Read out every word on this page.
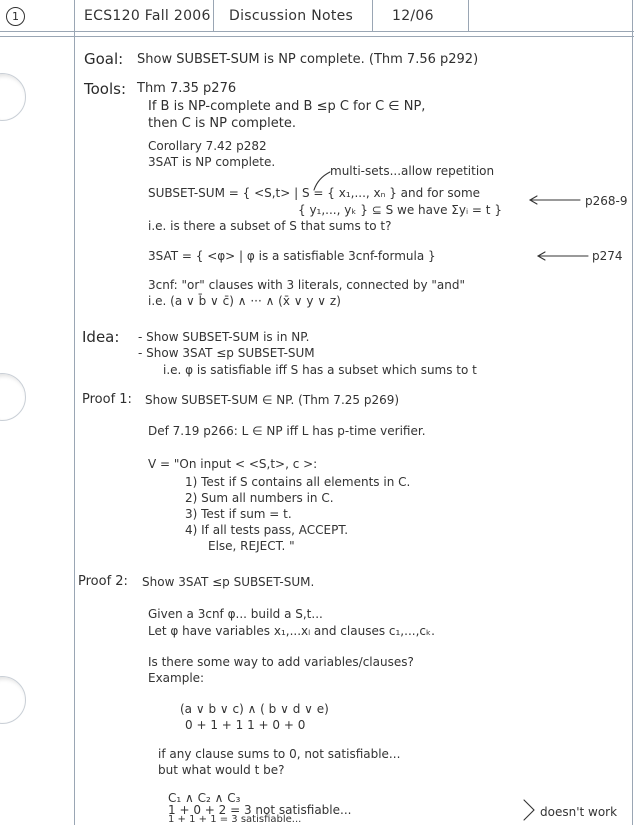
1	ECS120 Fall 2006 Discussion Notes	12/06
Goal: Show SUBSET-SUM is NP complete. (Thm 7.56 p292)
Tools: Thm 7.35 p276
If B is NP-complete and B ≤p C for C ∈ NP,
then C is NP complete.
Corollary 7.42 p282
3SAT is NP complete.
multi-sets...allow repetition
SUBSET-SUM = { <S,t> | S = { x₁,..., xₙ } and for some
{ y₁,..., yₖ } ⊆ S we have Σyᵢ = t }
p268-9
i.e. is there a subset of S that sums to t?
3SAT = { <φ> | φ is a satisfiable 3cnf-formula }	p274
3cnf: "or" clauses with 3 literals, connected by "and"
i.e. (a ∨ b̄ ∨ c̄) ∧ ··· ∧ (x̄ ∨ y ∨ z)
Idea: - Show SUBSET-SUM is in NP.
- Show 3SAT ≤p SUBSET-SUM
i.e. φ is satisfiable iff S has a subset which sums to t
Proof 1: Show SUBSET-SUM ∈ NP. (Thm 7.25 p269)
Def 7.19 p266: L ∈ NP iff L has p-time verifier.
V = "On input < <S,t>, c >:
1) Test if S contains all elements in C.
2) Sum all numbers in C.
3) Test if sum = t.
4) If all tests pass, ACCEPT.
Else, REJECT. "
Proof 2: Show 3SAT ≤p SUBSET-SUM.
Given a 3cnf φ... build a S,t...
Let φ have variables x₁,...xₗ and clauses c₁,...,cₖ.
Is there some way to add variables/clauses?
Example:
(a ∨ b ∨ c) ∧ ( b ∨ d ∨ e)
0 + 1 + 1 1 + 0 + 0
if any clause sums to 0, not satisfiable...
but what would t be?
C₁ ∧ C₂ ∧ C₃
1 + 0 + 2 = 3 not satisfiable...
1 + 1 + 1 = 3 satisfiable...
doesn't work
